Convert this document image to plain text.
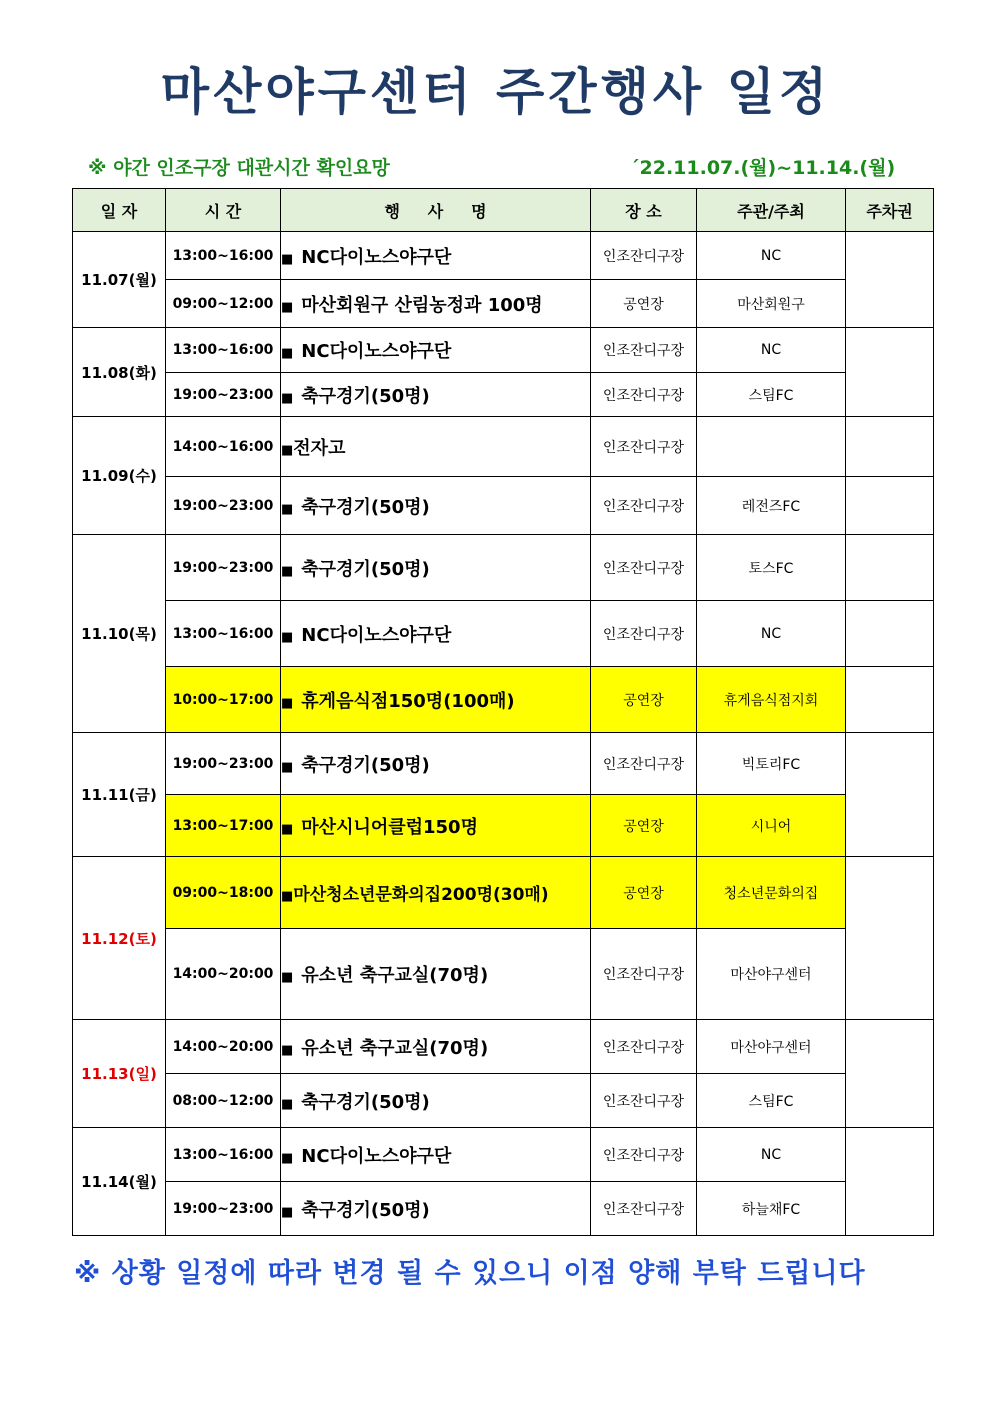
마산야구센터 주간행사 일정
※ 야간 인조구장 대관시간 확인요망	´22.11.07.(월)~11.14.(월)
일 자	시 간	행     사     명	장 소	주관/주최	주차권
11.07(월)	13:00~16:00	■ NC다이노스야구단	인조잔디구장	NC	
	09:00~12:00	■ 마산회원구 산림농정과 100명	공연장	마산회원구	
11.08(화)	13:00~16:00	■ NC다이노스야구단	인조잔디구장	NC	
	19:00~23:00	■ 축구경기(50명)	인조잔디구장	스팀FC	
11.09(수)	14:00~16:00	■전자고	인조잔디구장		
	19:00~23:00	■ 축구경기(50명)	인조잔디구장	레전즈FC	
11.10(목)	19:00~23:00	■ 축구경기(50명)	인조잔디구장	토스FC	
	13:00~16:00	■ NC다이노스야구단	인조잔디구장	NC	
	10:00~17:00	■ 휴게음식점150명(100매)	공연장	휴게음식점지회	
11.11(금)	19:00~23:00	■ 축구경기(50명)	인조잔디구장	빅토리FC	
	13:00~17:00	■ 마산시니어클럽150명	공연장	시니어	
11.12(토)	09:00~18:00	■마산청소년문화의집200명(30매)	공연장	청소년문화의집	
	14:00~20:00	■ 유소년 축구교실(70명)	인조잔디구장	마산야구센터	
11.13(일)	14:00~20:00	■ 유소년 축구교실(70명)	인조잔디구장	마산야구센터	
	08:00~12:00	■ 축구경기(50명)	인조잔디구장	스팀FC	
11.14(월)	13:00~16:00	■ NC다이노스야구단	인조잔디구장	NC	
	19:00~23:00	■ 축구경기(50명)	인조잔디구장	하늘채FC	
※ 상황 일정에 따라 변경 될 수 있으니 이점 양해 부탁 드립니다
